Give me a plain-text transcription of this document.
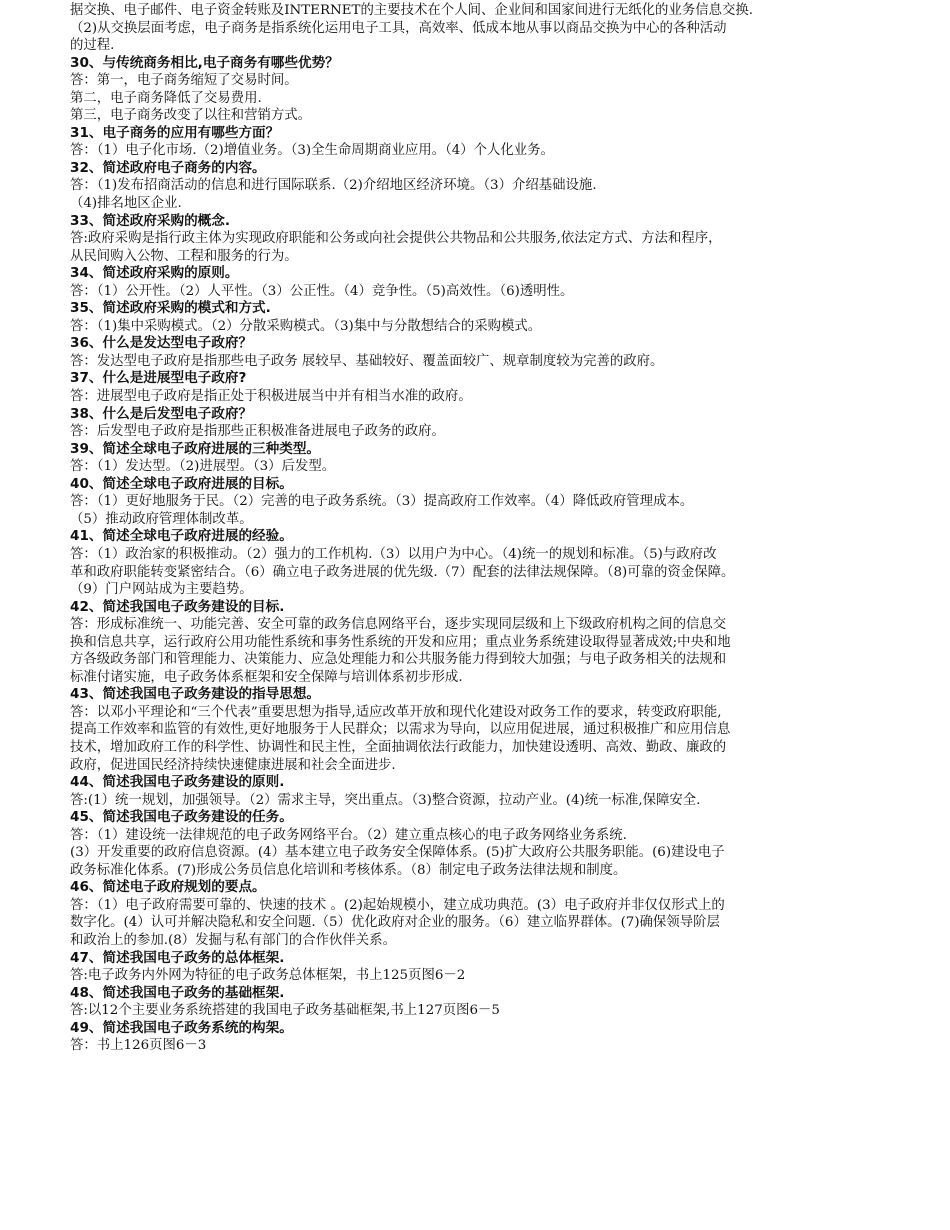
据交换、电子邮件、电子资金转账及INTERNET的主要技术在个人间、企业间和国家间进行无纸化的业务信息交换.
（2)从交换层面考虑，电子商务是指系统化运用电子工具，高效率、低成本地从事以商品交换为中心的各种活动
的过程.
30、与传统商务相比,电子商务有哪些优势？
答：第一，电子商务缩短了交易时间。
第二，电子商务降低了交易费用.
第三，电子商务改变了以往和营销方式。
31、电子商务的应用有哪些方面？
答：（1）电子化市场.（2)增值业务。（3)全生命周期商业应用。（4）个人化业务。
32、简述政府电子商务的内容。
答：（1)发布招商活动的信息和进行国际联系.（2)介绍地区经济环境。（3）介绍基础设施.
（4)排名地区企业.
33、简述政府采购的概念.
答:政府采购是指行政主体为实现政府职能和公务或向社会提供公共物品和公共服务,依法定方式、方法和程序，
从民间购入公物、工程和服务的行为。
34、简述政府采购的原则。
答：（1）公开性。（2）人平性。（3）公正性。（4）竞争性。（5)高效性。（6)透明性。
35、简述政府采购的模式和方式.
答：（1)集中采购模式。（2）分散采购模式。（3)集中与分散想结合的采购模式。
36、什么是发达型电子政府？
答：发达型电子政府是指那些电子政务 展较早、基础较好、覆盖面较广、规章制度较为完善的政府。
37、什么是进展型电子政府?
答：进展型电子政府是指正处于积极进展当中并有相当水准的政府。
38、什么是后发型电子政府？
答：后发型电子政府是指那些正积极准备进展电子政务的政府。
39、简述全球电子政府进展的三种类型。
答：（1）发达型。（2)进展型。（3）后发型。
40、简述全球电子政府进展的目标。
答：（1）更好地服务于民。（2）完善的电子政务系统。（3）提高政府工作效率。（4）降低政府管理成本。
（5）推动政府管理体制改革。
41、简述全球电子政府进展的经验。
答：（1）政治家的积极推动。（2）强力的工作机构.（3）以用户为中心。（4)统一的规划和标准。（5)与政府改
革和政府职能转变紧密结合。（6）确立电子政务进展的优先级.（7）配套的法律法规保障。（8)可靠的资金保障。
（9）门户网站成为主要趋势。
42、简述我国电子政务建设的目标.
答：形成标准统一、功能完善、安全可靠的政务信息网络平台，逐步实现同层级和上下级政府机构之间的信息交
换和信息共享，运行政府公用功能性系统和事务性系统的开发和应用；重点业务系统建设取得显著成效;中央和地
方各级政务部门和管理能力、决策能力、应急处理能力和公共服务能力得到较大加强；与电子政务相关的法规和
标准付诸实施，电子政务体系框架和安全保障与培训体系初步形成.
43、简述我国电子政务建设的指导思想。
答：以邓小平理论和“三个代表”重要思想为指导,适应改革开放和现代化建设对政务工作的要求，转变政府职能,
提高工作效率和监管的有效性,更好地服务于人民群众；以需求为导向，以应用促进展，通过积极推广和应用信息
技术，增加政府工作的科学性、协调性和民主性，全面抽调依法行政能力，加快建设透明、高效、勤政、廉政的
政府，促进国民经济持续快速健康进展和社会全面进步.
44、简述我国电子政务建设的原则.
答:(1）统一规划，加强领导。（2）需求主导，突出重点。（3)整合资源，拉动产业。(4)统一标准,保障安全.
45、简述我国电子政务建设的任务。
答：（1）建设统一法律规范的电子政务网络平台。（2）建立重点核心的电子政务网络业务系统.
(3）开发重要的政府信息资源。(4）基本建立电子政务安全保障体系。(5)扩大政府公共服务职能。(6)建设电子
政务标准化体系。(7)形成公务员信息化培训和考核体系。（8）制定电子政务法律法规和制度。
46、简述电子政府规划的要点。
答：（1）电子政府需要可靠的、快速的技术 。(2)起始规模小，建立成功典范。(3）电子政府并非仅仅形式上的
数字化。(4）认可并解决隐私和安全问题.（5）优化政府对企业的服务。（6）建立临界群体。(7)确保领导阶层
和政治上的参加.(8）发掘与私有部门的合作伙伴关系。
47、简述我国电子政务的总体框架.
答:电子政务内外网为特征的电子政务总体框架，书上125页图6－2
48、简述我国电子政务的基础框架.
答:以12个主要业务系统搭建的我国电子政务基础框架,书上127页图6－5
49、简述我国电子政务系统的构架。
答：书上126页图6－3
